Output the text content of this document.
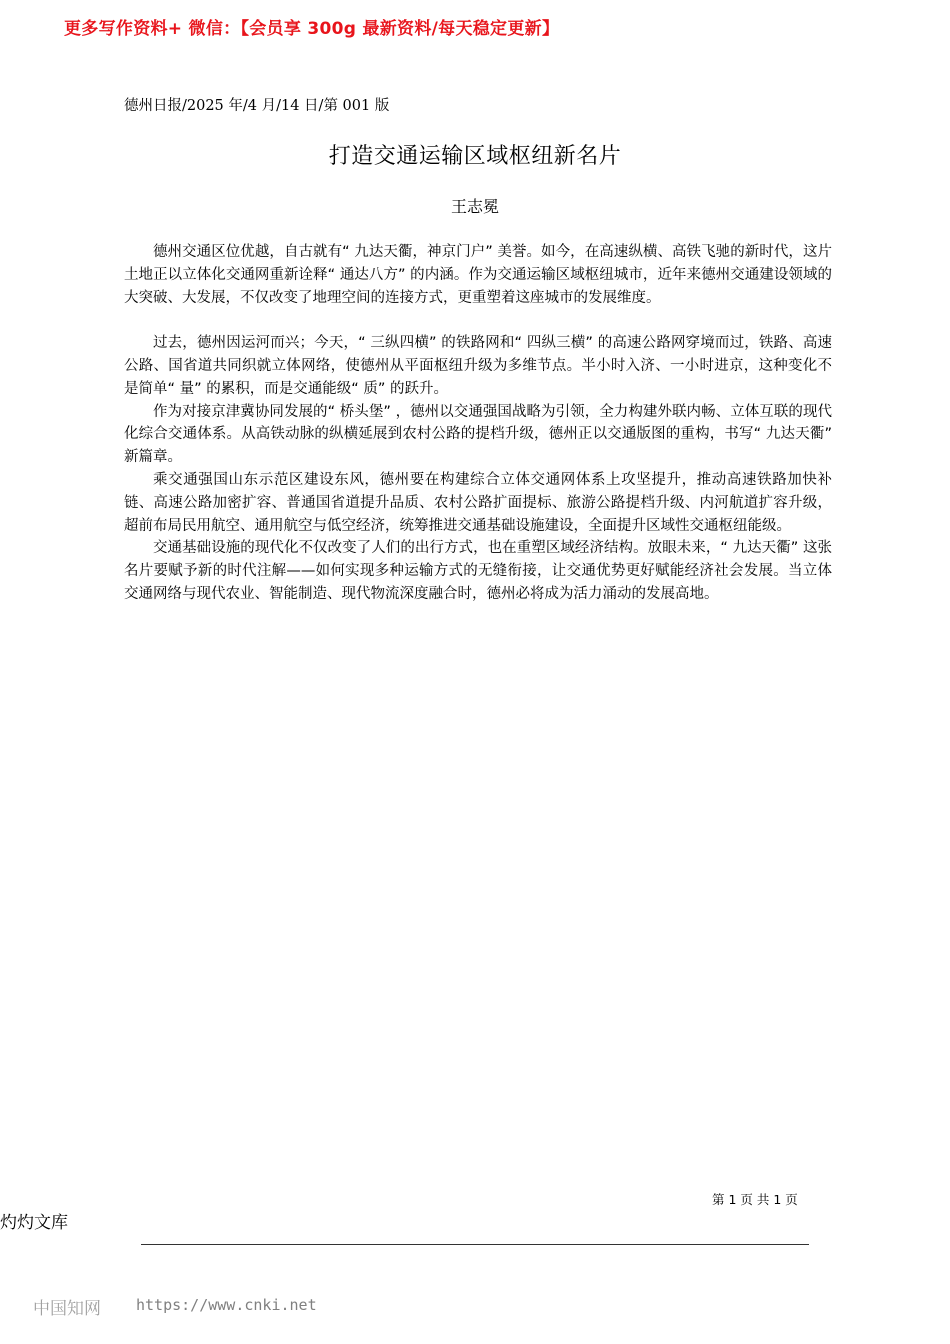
更多写作资料+ 微信：【会员享 300g 最新资料/每天稳定更新】
德州日报/2025 年/4 月/14 日/第 001 版
打造交通运输区域枢纽新名片
王志冕

德州交通区位优越，自古就有“ 九达天衢，神京门户” 美誉。如今，在高速纵横、高铁飞驰的新时代，这片土地正以立体化交通网重新诠释“ 通达八方” 的内涵。作为交通运输区域枢纽城市，近年来德州交通建设领域的大突破、大发展，不仅改变了地理空间的连接方式，更重塑着这座城市的发展维度。

过去，德州因运河而兴；今天，“ 三纵四横” 的铁路网和“ 四纵三横” 的高速公路网穿境而过，铁路、高速公路、国省道共同织就立体网络，使德州从平面枢纽升级为多维节点。半小时入济、一小时进京，这种变化不是简单“ 量” 的累积，而是交通能级“ 质” 的跃升。

作为对接京津冀协同发展的“ 桥头堡” ，德州以交通强国战略为引领，全力构建外联内畅、立体互联的现代化综合交通体系。从高铁动脉的纵横延展到农村公路的提档升级，德州正以交通版图的重构，书写“ 九达天衢” 新篇章。

乘交通强国山东示范区建设东风，德州要在构建综合立体交通网体系上攻坚提升，推动高速铁路加快补链、高速公路加密扩容、普通国省道提升品质、农村公路扩面提标、旅游公路提档升级、内河航道扩容升级，超前布局民用航空、通用航空与低空经济，统筹推进交通基础设施建设，全面提升区域性交通枢纽能级。

交通基础设施的现代化不仅改变了人们的出行方式，也在重塑区域经济结构。放眼未来，“ 九达天衢” 这张名片要赋予新的时代注解——如何实现多种运输方式的无缝衔接，让交通优势更好赋能经济社会发展。当立体交通网络与现代农业、智能制造、现代物流深度融合时，德州必将成为活力涌动的发展高地。

第 1 页 共 1 页
灼灼文库
中国知网 https://www.cnki.net
